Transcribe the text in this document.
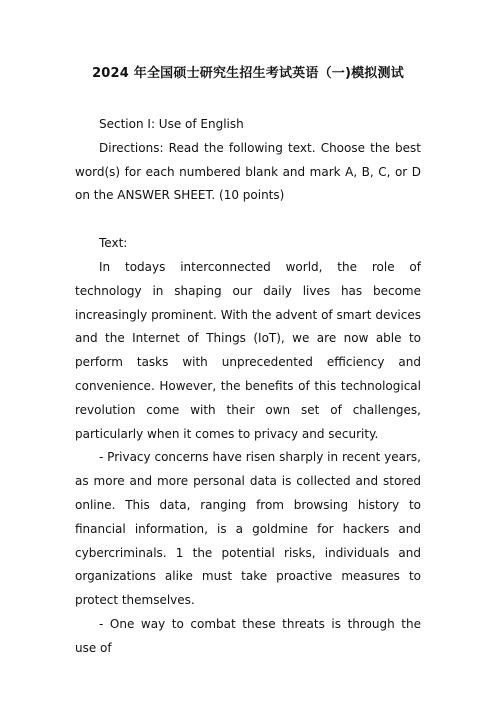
2024 年全国硕士研究生招生考试英语（一)模拟测试

Section I: Use of English

Directions: Read the following text. Choose the best word(s) for each numbered blank and mark A, B, C, or D on the ANSWER SHEET. (10 points)

Text:

In todays interconnected world, the role of technology in shaping our daily lives has become increasingly prominent. With the advent of smart devices and the Internet of Things (IoT), we are now able to perform tasks with unprecedented efficiency and convenience. However, the benefits of this technological revolution come with their own set of challenges, particularly when it comes to privacy and security.

- Privacy concerns have risen sharply in recent years, as more and more personal data is collected and stored online. This data, ranging from browsing history to financial information, is a goldmine for hackers and cybercriminals. 1 the potential risks, individuals and organizations alike must take proactive measures to protect themselves.

- One way to combat these threats is through the use of
